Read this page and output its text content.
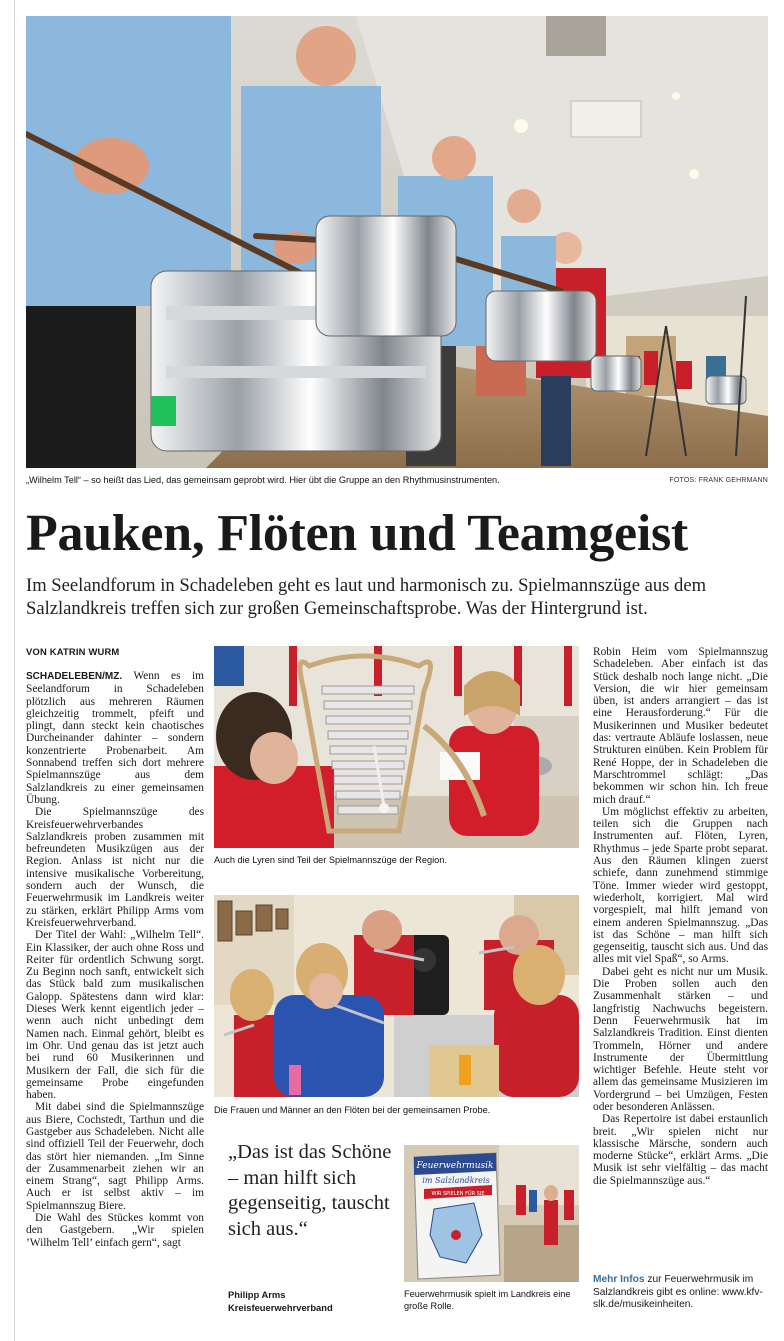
„Wilhelm Tell“ – so heißt das Lied, das gemeinsam geprobt wird. Hier übt die Gruppe an den Rhythmusinstrumenten.	FOTOS: FRANK GEHRMANN
Pauken, Flöten und Teamgeist
Im Seelandforum in Schadeleben geht es laut und harmonisch zu. Spielmannszüge aus dem Salzlandkreis treffen sich zur großen Gemeinschaftsprobe. Was der Hintergrund ist.
VON KATRIN WURM

SCHADELEBEN/MZ. Wenn es im Seelandforum in Schadeleben plötzlich aus mehreren Räumen gleichzeitig trommelt, pfeift und plingt, dann steckt kein chaotisches Durcheinander dahinter – sondern konzentrierte Probenarbeit. Am Sonnabend treffen sich dort mehrere Spielmannszüge aus dem Salzlandkreis zu einer gemeinsamen Übung.

Die Spielmannszüge des Kreisfeuerwehrverbandes Salzlandkreis proben zusammen mit befreundeten Musikzügen aus der Region. Anlass ist nicht nur die intensive musikalische Vorbereitung, sondern auch der Wunsch, die Feuerwehrmusik im Landkreis weiter zu stärken, erklärt Philipp Arms vom Kreisfeuerwehrverband.

Der Titel der Wahl: „Wilhelm Tell“. Ein Klassiker, der auch ohne Ross und Reiter für ordentlich Schwung sorgt. Zu Beginn noch sanft, entwickelt sich das Stück bald zum musikalischen Galopp. Spätestens dann wird klar: Dieses Werk kennt eigentlich jeder – wenn auch nicht unbedingt dem Namen nach. Einmal gehört, bleibt es im Ohr. Und genau das ist jetzt auch bei rund 60 Musikerinnen und Musikern der Fall, die sich für die gemeinsame Probe eingefunden haben.

Mit dabei sind die Spielmannszüge aus Biere, Cochstedt, Tarthun und die Gastgeber aus Schadeleben. Nicht alle sind offiziell Teil der Feuerwehr, doch das stört hier niemanden. „Im Sinne der Zusammenarbeit ziehen wir an einem Strang“, sagt Philipp Arms. Auch er ist selbst aktiv – im Spielmannszug Biere.

Die Wahl des Stückes kommt von den Gastgebern. „Wir spielen ’Wilhelm Tell’ einfach gern“, sagt

Auch die Lyren sind Teil der Spielmannszüge der Region.
Die Frauen und Männer an den Flöten bei der gemeinsamen Probe.
„Das ist das Schöne – man hilft sich gegenseitig, tauscht sich aus.“
Philipp Arms
Kreisfeuerwehrverband
Feuerwehrmusik
im Salzlandkreis
WIR SPIELEN FÜR SIE
Feuerwehrmusik spielt im Landkreis eine große Rolle.

Robin Heim vom Spielmannszug Schadeleben. Aber einfach ist das Stück deshalb noch lange nicht. „Die Version, die wir hier gemeinsam üben, ist anders arrangiert – das ist eine Herausforderung.“ Für die Musikerinnen und Musiker bedeutet das: vertraute Abläufe loslassen, neue Strukturen einüben. Kein Problem für René Hoppe, der in Schadeleben die Marschtrommel schlägt: „Das bekommen wir schon hin. Ich freue mich drauf.“

Um möglichst effektiv zu arbeiten, teilen sich die Gruppen nach Instrumenten auf. Flöten, Lyren, Rhythmus – jede Sparte probt separat. Aus den Räumen klingen zuerst schiefe, dann zunehmend stimmige Töne. Immer wieder wird gestoppt, wiederholt, korrigiert. Mal wird vorgespielt, mal hilft jemand von einem anderen Spielmannszug. „Das ist das Schöne – man hilft sich gegenseitig, tauscht sich aus. Und das alles mit viel Spaß“, so Arms.

Dabei geht es nicht nur um Musik. Die Proben sollen auch den Zusammenhalt stärken – und langfristig Nachwuchs begeistern. Denn Feuerwehrmusik hat im Salzlandkreis Tradition. Einst dienten Trommeln, Hörner und andere Instrumente der Übermittlung wichtiger Befehle. Heute steht vor allem das gemeinsame Musizieren im Vordergrund – bei Umzügen, Festen oder besonderen Anlässen.

Das Repertoire ist dabei erstaunlich breit. „Wir spielen nicht nur klassische Märsche, sondern auch moderne Stücke“, erklärt Arms. „Die Musik ist sehr vielfältig – das macht die Spielmannszüge aus.“

Mehr Infos zur Feuerwehrmusik im Salzlandkreis gibt es online: www.kfv-slk.de/musikeinheiten.
